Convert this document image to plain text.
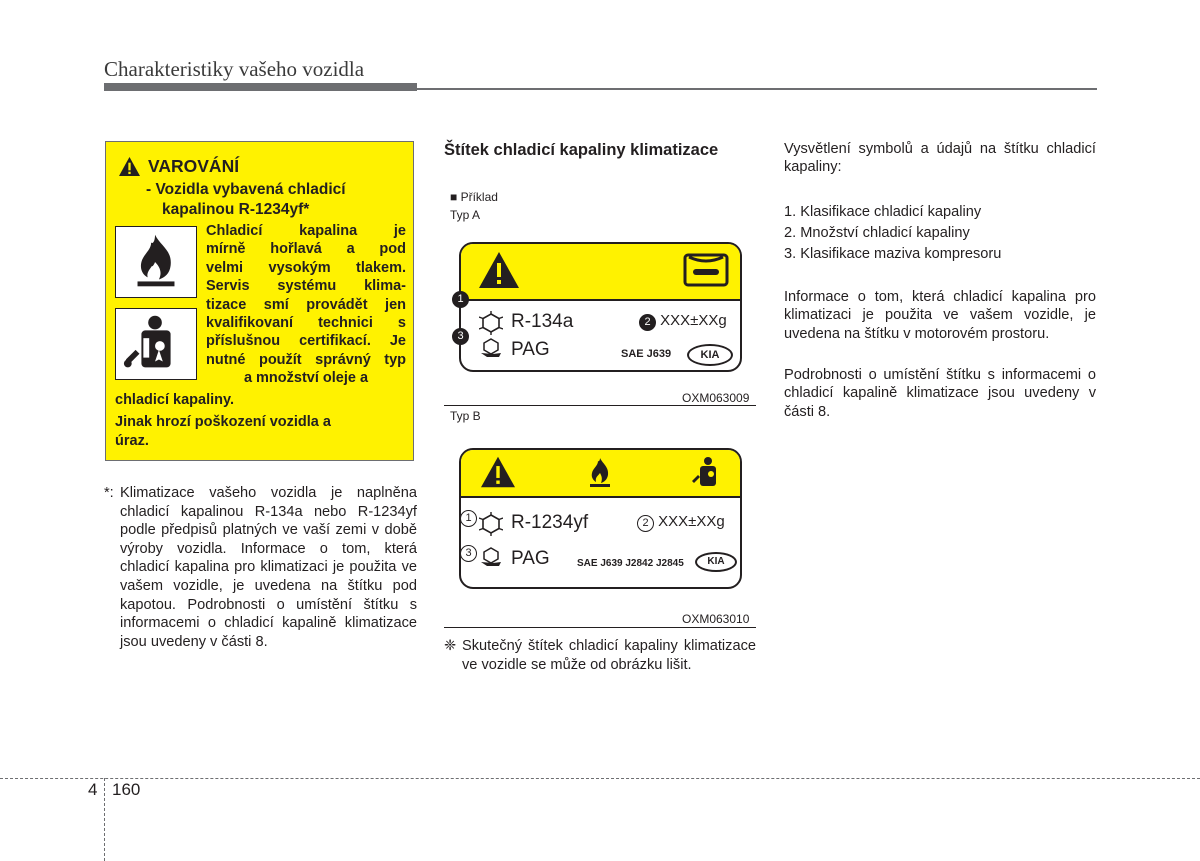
Charakteristiky vašeho vozidla
VAROVÁNÍ
- Vozidla vybavená chladicí
kapalinou R-1234yf*
Chladicí kapalina je
mírně hořlavá a pod
velmi vysokým tlakem.
Servis systému klima-
tizace smí provádět jen
kvalifikovaní technici s
příslušnou certifikací. Je
nutné použít správný typ
a množství oleje a
chladicí kapaliny.
Jinak hrozí poškození vozidla a
úraz.
*: Klimatizace vašeho vozidla je naplněna chladicí kapalinou R-134a nebo R-1234yf podle předpisů platných ve vaší zemi v době výroby vozidla. Informace o tom, která chladicí kapalina pro klimatizaci je použita ve vašem vozidle, je uvedena na štítku pod kapotou. Podrobnosti o umístění štítku s informacemi o chladicí kapalině klimatizace jsou uvedeny v části 8.
Štítek chladicí kapaliny klimatizace
■ Příklad
Typ A
R-134a	2 XXX±XXg
PAG	SAE J639	KIA
1
3
OXM063009
Typ B
R-1234yf	2 XXX±XXg
PAG	SAE J639 J2842 J2845	KIA
1
3
OXM063010
❈ Skutečný štítek chladicí kapaliny klimatizace ve vozidle se může od obrázku lišit.
Vysvětlení symbolů a údajů na štítku chladicí kapaliny:
1. Klasifikace chladicí kapaliny
2. Množství chladicí kapaliny
3. Klasifikace maziva kompresoru
Informace o tom, která chladicí kapalina pro klimatizaci je použita ve vašem vozidle, je uvedena na štítku v motorovém prostoru.
Podrobnosti o umístění štítku s informacemi o chladicí kapalině klimatizace jsou uvedeny v části 8.
4 160
